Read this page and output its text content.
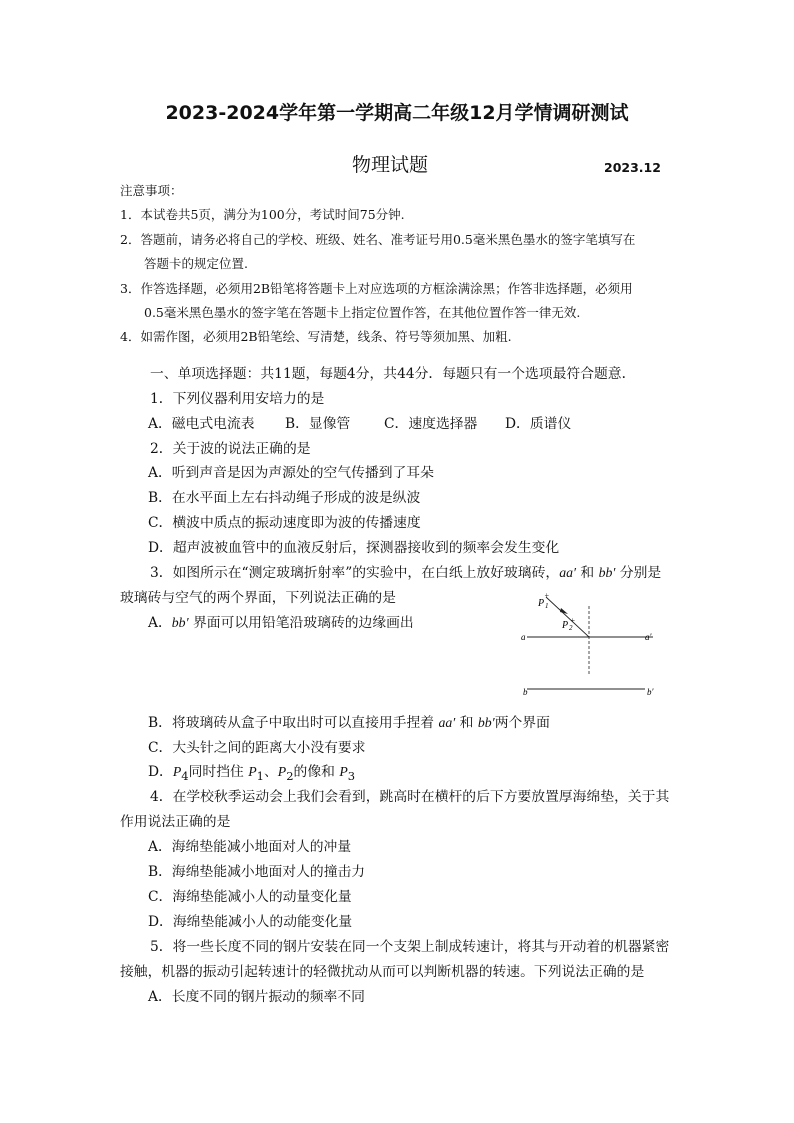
2023-2024学年第一学期高二年级12月学情调研测试
物理试题	2023.12
注意事项：
1．本试卷共5页，满分为100分，考试时间75分钟.
2．答题前，请务必将自己的学校、班级、姓名、准考证号用0.5毫米黑色墨水的签字笔填写在
答题卡的规定位置.
3．作答选择题，必须用2B铅笔将答题卡上对应选项的方框涂满涂黑；作答非选择题，必须用
0.5毫米黑色墨水的签字笔在答题卡上指定位置作答，在其他位置作答一律无效.
4．如需作图，必须用2B铅笔绘、写清楚，线条、符号等须加黑、加粗.
一、单项选择题：共11题，每题4分，共44分．每题只有一个选项最符合题意．
1．下列仪器利用安培力的是
A．磁电式电流表 B．显像管 C．速度选择器 D．质谱仪
2．关于波的说法正确的是
A．听到声音是因为声源处的空气传播到了耳朵
B．在水平面上左右抖动绳子形成的波是纵波
C．横波中质点的振动速度即为波的传播速度
D．超声波被血管中的血液反射后，探测器接收到的频率会发生变化
3．如图所示在“测定玻璃折射率”的实验中，在白纸上放好玻璃砖，aa′ 和 bb′ 分别是
玻璃砖与空气的两个界面，下列说法正确的是
A．bb′ 界面可以用铅笔沿玻璃砖的边缘画出
+
+
P 1
P 2
a	a′
b	b′
B．将玻璃砖从盒子中取出时可以直接用手捏着 aa′ 和 bb′两个界面
C．大头针之间的距离大小没有要求
D．$P_4$同时挡住 $P_1$、$P_2$的像和 $P_3$
4．在学校秋季运动会上我们会看到，跳高时在横杆的后下方要放置厚海绵垫，关于其
作用说法正确的是
A．海绵垫能减小地面对人的冲量
B．海绵垫能减小地面对人的撞击力
C．海绵垫能减小人的动量变化量
D．海绵垫能减小人的动能变化量
5．将一些长度不同的钢片安装在同一个支架上制成转速计，将其与开动着的机器紧密
接触，机器的振动引起转速计的轻微扰动从而可以判断机器的转速。下列说法正确的是
A．长度不同的钢片振动的频率不同
